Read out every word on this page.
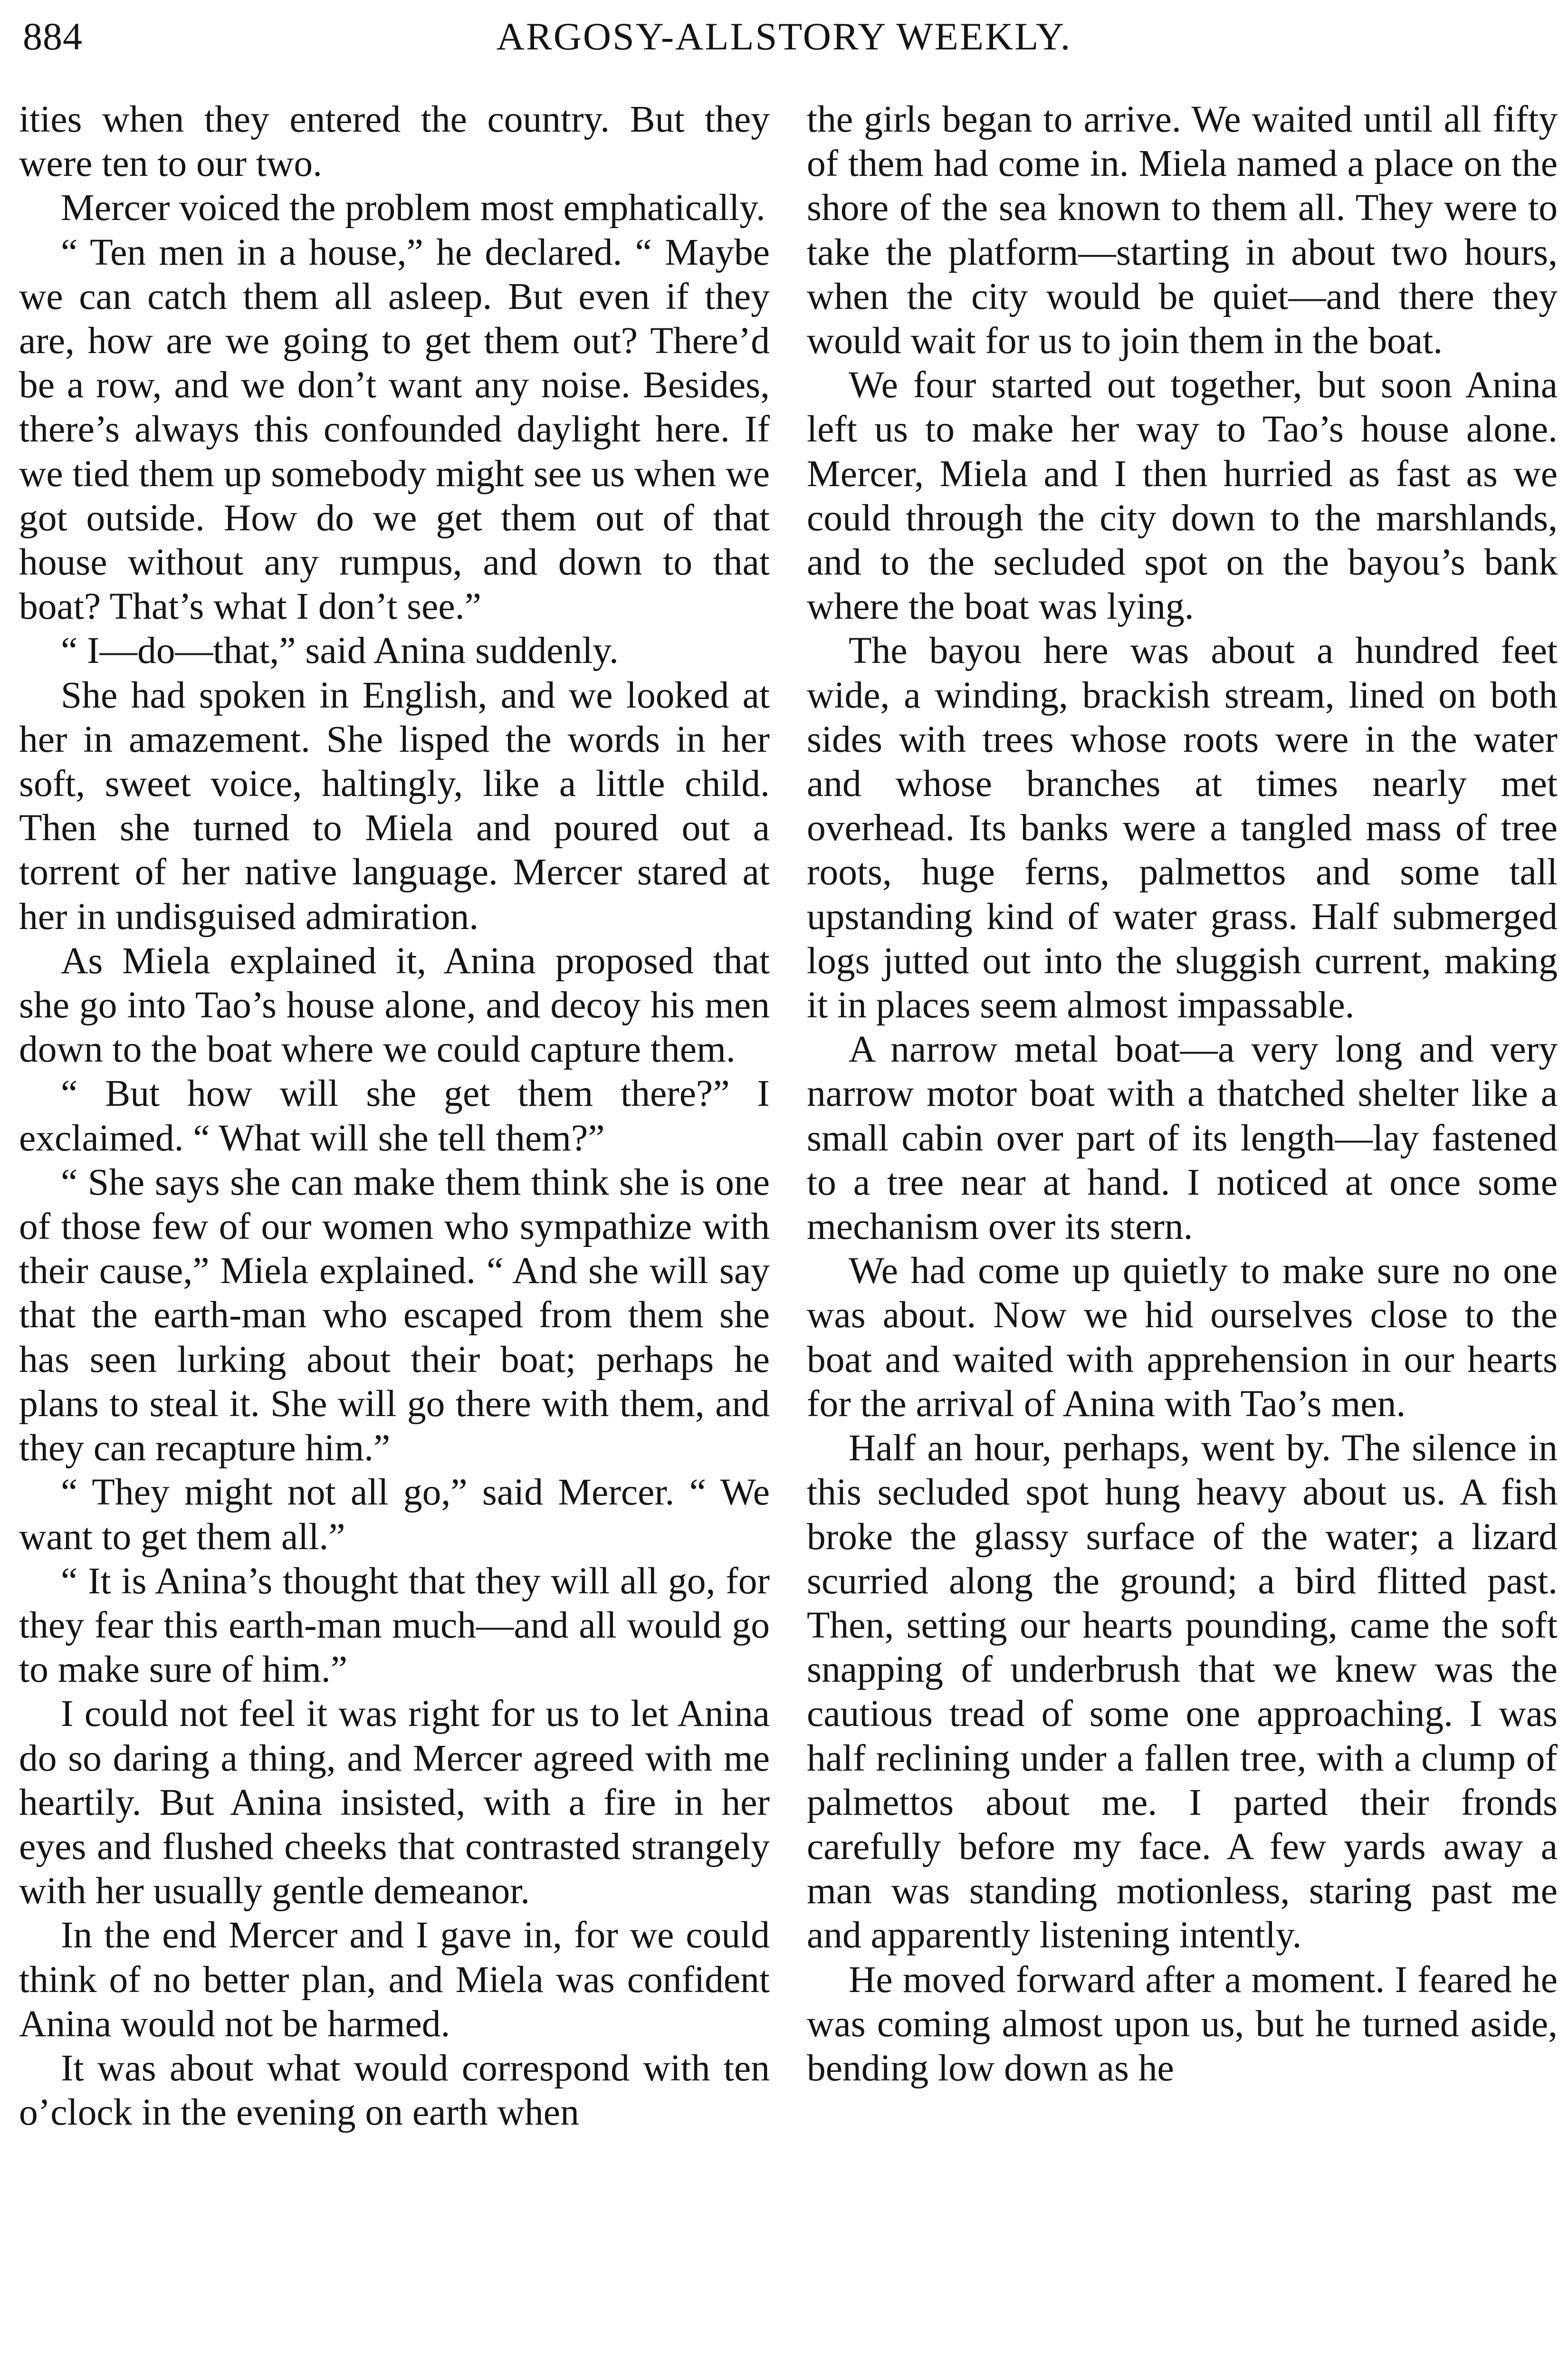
884	ARGOSY-ALLSTORY WEEKLY.

ities when they entered the country. But they were ten to our two.

Mercer voiced the problem most emphatically.

“ Ten men in a house,” he declared. “ Maybe we can catch them all asleep. But even if they are, how are we going to get them out? There’d be a row, and we don’t want any noise. Besides, there’s always this confounded daylight here. If we tied them up somebody might see us when we got outside. How do we get them out of that house without any rumpus, and down to that boat? That’s what I don’t see.”

“ I—do—that,” said Anina suddenly.

She had spoken in English, and we looked at her in amazement. She lisped the words in her soft, sweet voice, haltingly, like a little child. Then she turned to Miela and poured out a torrent of her native language. Mercer stared at her in undisguised admiration.

As Miela explained it, Anina proposed that she go into Tao’s house alone, and decoy his men down to the boat where we could capture them.

“ But how will she get them there?” I exclaimed. “ What will she tell them?”

“ She says she can make them think she is one of those few of our women who sympathize with their cause,” Miela explained. “ And she will say that the earth-man who escaped from them she has seen lurking about their boat; perhaps he plans to steal it. She will go there with them, and they can recapture him.”

“ They might not all go,” said Mercer. “ We want to get them all.”

“ It is Anina’s thought that they will all go, for they fear this earth-man much—and all would go to make sure of him.”

I could not feel it was right for us to let Anina do so daring a thing, and Mercer agreed with me heartily. But Anina insisted, with a fire in her eyes and flushed cheeks that contrasted strangely with her usually gentle demeanor.

In the end Mercer and I gave in, for we could think of no better plan, and Miela was confident Anina would not be harmed.

It was about what would correspond with ten o’clock in the evening on earth when

the girls began to arrive. We waited until all fifty of them had come in. Miela named a place on the shore of the sea known to them all. They were to take the platform—starting in about two hours, when the city would be quiet—and there they would wait for us to join them in the boat.

We four started out together, but soon Anina left us to make her way to Tao’s house alone. Mercer, Miela and I then hurried as fast as we could through the city down to the marshlands, and to the secluded spot on the bayou’s bank where the boat was lying.

The bayou here was about a hundred feet wide, a winding, brackish stream, lined on both sides with trees whose roots were in the water and whose branches at times nearly met overhead. Its banks were a tangled mass of tree roots, huge ferns, palmettos and some tall upstanding kind of water grass. Half submerged logs jutted out into the sluggish current, making it in places seem almost impassable.

A narrow metal boat—a very long and very narrow motor boat with a thatched shelter like a small cabin over part of its length—lay fastened to a tree near at hand. I noticed at once some mechanism over its stern.

We had come up quietly to make sure no one was about. Now we hid ourselves close to the boat and waited with apprehension in our hearts for the arrival of Anina with Tao’s men.

Half an hour, perhaps, went by. The silence in this secluded spot hung heavy about us. A fish broke the glassy surface of the water; a lizard scurried along the ground; a bird flitted past. Then, setting our hearts pounding, came the soft snapping of underbrush that we knew was the cautious tread of some one approaching. I was half reclining under a fallen tree, with a clump of palmettos about me. I parted their fronds carefully before my face. A few yards away a man was standing motionless, staring past me and apparently listening intently.

He moved forward after a moment. I feared he was coming almost upon us, but he turned aside, bending low down as he
